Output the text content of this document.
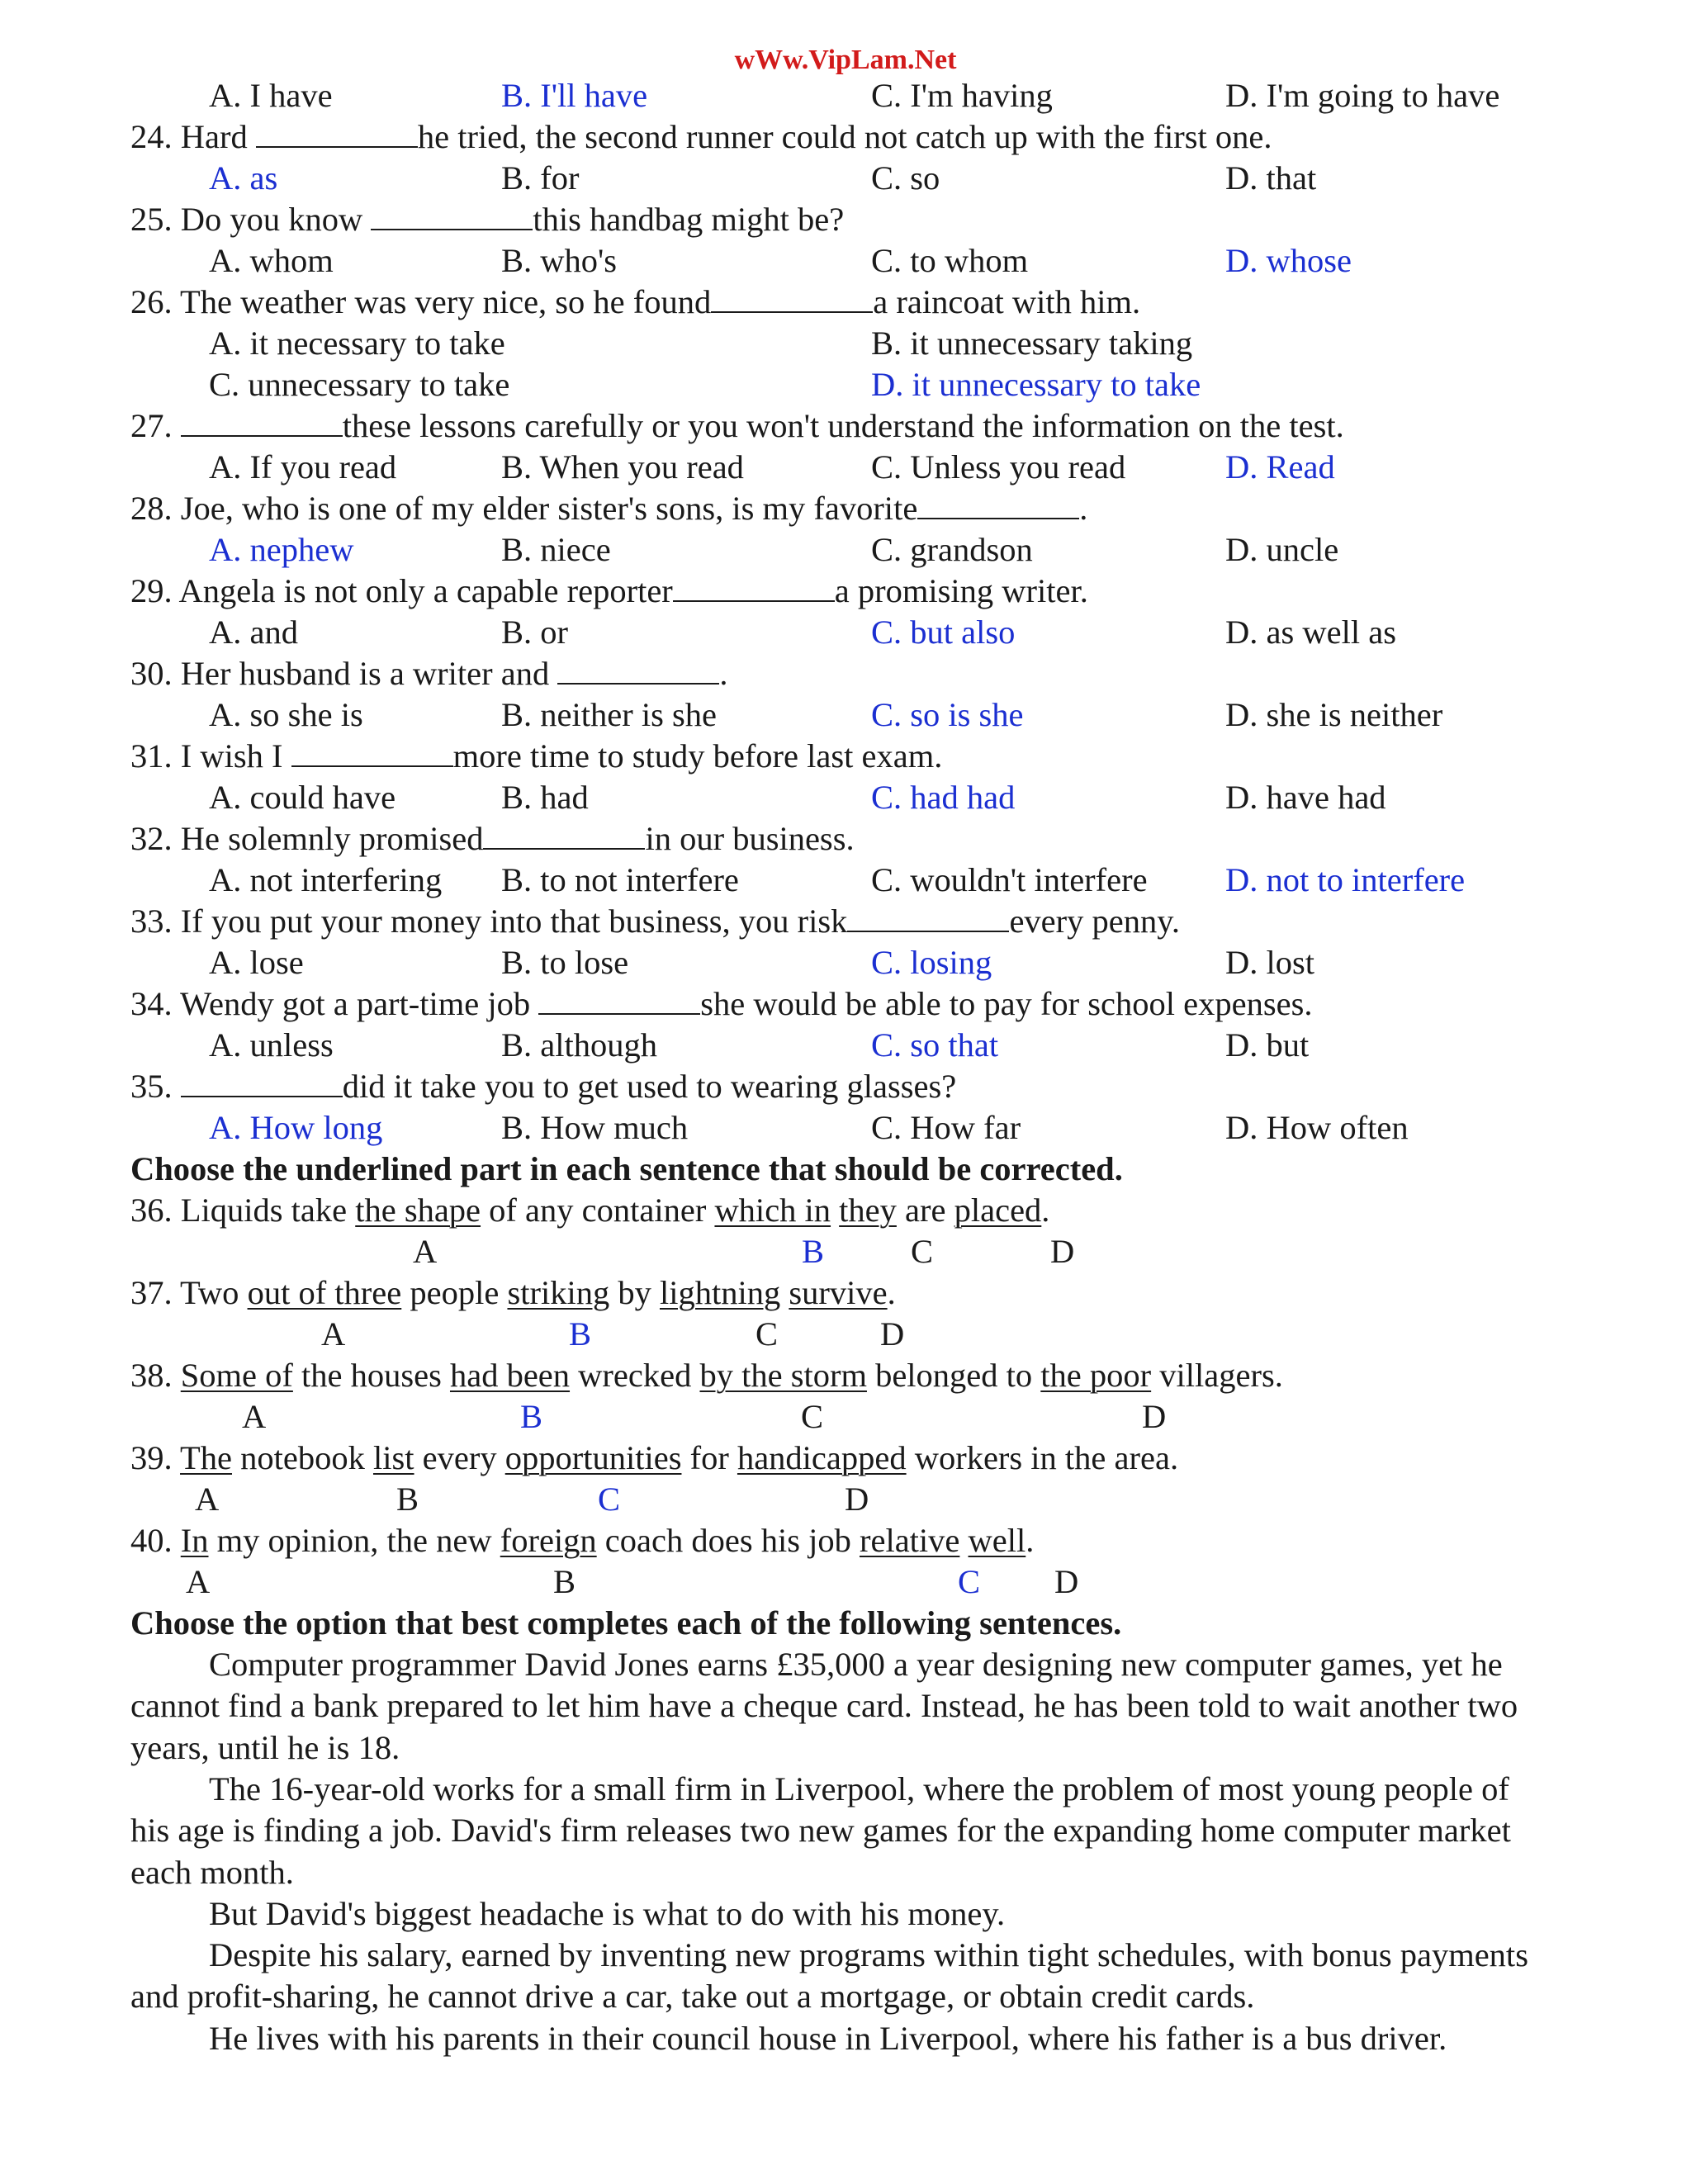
wWw.VipLam.Net
A. I have	B. I'll have	C. I'm having	D. I'm going to have
24. Hard	he tried, the second runner could not catch up with the first one.
A. as	B. for	C. so	D. that
25. Do you know	this handbag might be?
A. whom	B. who's	C. to whom	D. whose
26. The weather was very nice, so he found	a raincoat with him.
A. it necessary to take	B. it unnecessary taking
C. unnecessary to take	D. it unnecessary to take
27.	these lessons carefully or you won't understand the information on the test.
A. If you read	B. When you read	C. Unless you read	D. Read
28. Joe, who is one of my elder sister's sons, is my favorite	.
A. nephew	B. niece	C. grandson	D. uncle
29. Angela is not only a capable reporter	a promising writer.
A. and	B. or	C. but also	D. as well as
30. Her husband is a writer and	.
A. so she is	B. neither is she	C. so is she	D. she is neither
31. I wish I	more time to study before last exam.
A. could have	B. had	C. had had	D. have had
32. He solemnly promised	in our business.
A. not interfering B. to not interfere	C. wouldn't interfere D. not to interfere
33. If you put your money into that business, you risk	every penny.
A. lose	B. to lose	C. losing	D. lost
34. Wendy got a part-time job	she would be able to pay for school expenses.
A. unless	B. although	C. so that	D. but
35.	did it take you to get used to wearing glasses?
A. How long	B. How much	C. How far	D. How often
Choose the underlined part in each sentence that should be corrected.
36. Liquids take the shape of any container which in they are placed.
A	B	C	D
37. Two out of three people striking by lightning survive.
A	B	C	D
38. Some of the houses had been wrecked by the storm belonged to the poor villagers.
A	B	C	D
39. The notebook list every opportunities for handicapped workers in the area.
A	B	C	D
40. In my opinion, the new foreign coach does his job relative well.
A	B	C D
Choose the option that best completes each of the following sentences.

Computer programmer David Jones earns £35,000 a year designing new computer games, yet he cannot find a bank prepared to let him have a cheque card. Instead, he has been told to wait another two years, until he is 18.

The 16-year-old works for a small firm in Liverpool, where the problem of most young people of his age is finding a job. David's firm releases two new games for the expanding home computer market each month.

But David's biggest headache is what to do with his money.

Despite his salary, earned by inventing new programs within tight schedules, with bonus payments and profit-sharing, he cannot drive a car, take out a mortgage, or obtain credit cards.

He lives with his parents in their council house in Liverpool, where his father is a bus driver.
